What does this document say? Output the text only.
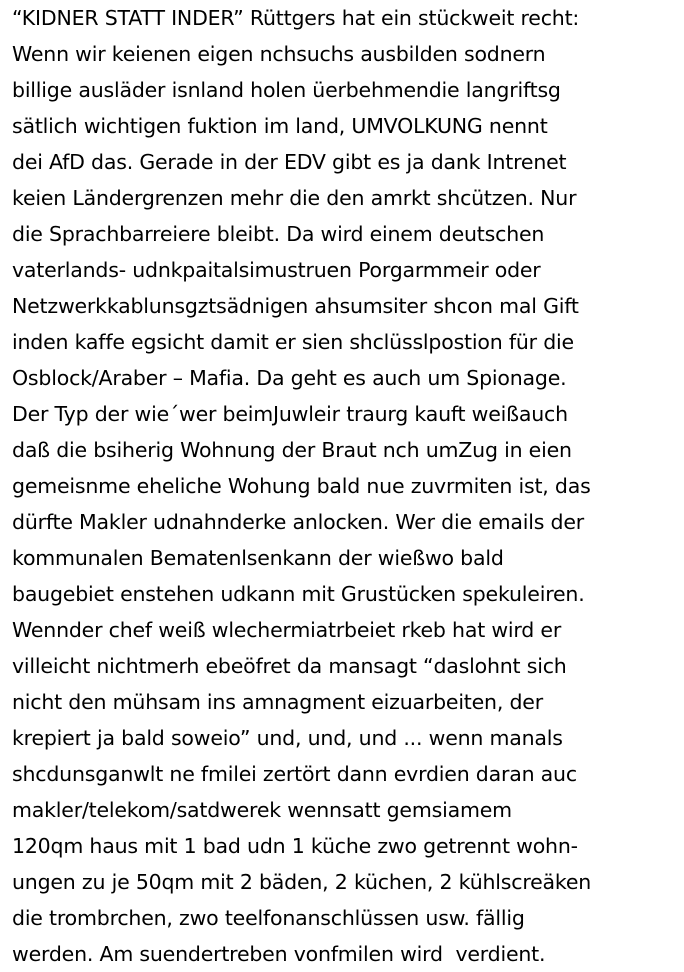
“KIDNER STATT INDER” Rüttgers hat ein stückweit recht:
Wenn wir keienen eigen nchsuchs ausbilden sodnern
billige ausläder isnland holen üerbehmendie langriftsg
sätlich wichtigen fuktion im land, UMVOLKUNG nennt
dei AfD das. Gerade in der EDV gibt es ja dank Intrenet
keien Ländergrenzen mehr die den amrkt shcützen. Nur
die Sprachbarreiere bleibt. Da wird einem deutschen
vaterlands- udnkpaitalsimustruen Porgarmmeir oder
Netzwerkkablunsgztsädnigen ahsumsiter shcon mal Gift
inden kaffe egsicht damit er sien shclüsslpostion für die
Osblock/Araber – Mafia. Da geht es auch um Spionage.
Der Typ der wie´wer beimJuwleir traurg kauft weißauch
daß die bsiherig Wohnung der Braut nch umZug in eien
gemeisnme eheliche Wohung bald nue zuvrmiten ist, das
dürfte Makler udnahnderke anlocken. Wer die emails der
kommunalen Bematenlsenkann der wießwo bald
baugebiet enstehen udkann mit Grustücken spekuleiren.
Wennder chef weiß wlechermiatrbeiet rkeb hat wird er
villeicht nichtmerh ebeöfret da mansagt “daslohnt sich
nicht den mühsam ins amnagment eizuarbeiten, der
krepiert ja bald soweio” und, und, und ... wenn manals
shcdunsganwlt ne fmilei zertört dann evrdien daran auc
makler/telekom/satdwerek wennsatt gemsiamem
120qm haus mit 1 bad udn 1 küche zwo getrennt wohn-
ungen zu je 50qm mit 2 bäden, 2 küchen, 2 kühlscreäken
die trombrchen, zwo teelfonanschlüssen usw. fällig
werden. Am suendertreben vonfmilen wird  verdient.
